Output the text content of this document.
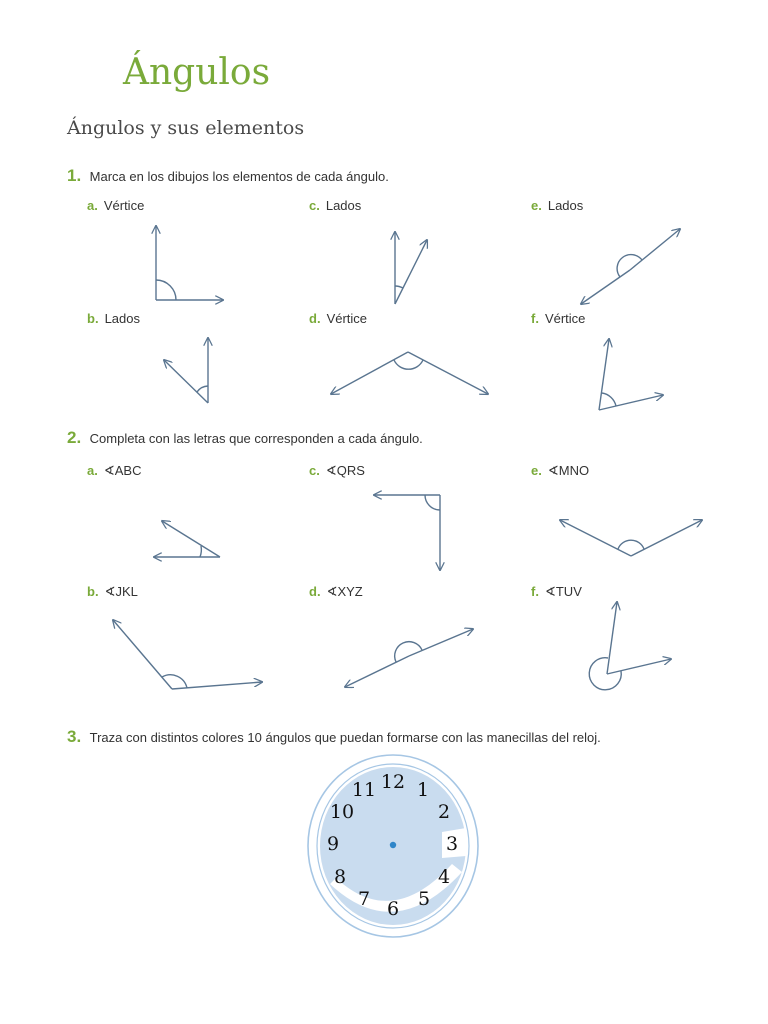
Ángulos
Ángulos y sus elementos
1. Marca en los dibujos los elementos de cada ángulo.
a. Vértice	c. Lados	e. Lados
b. Lados	d. Vértice	f. Vértice
2. Completa con las letras que corresponden a cada ángulo.
a. ∢ABC	c. ∢QRS	e. ∢MNO
b. ∢JKL	d. ∢XYZ	f. ∢TUV
3. Traza con distintos colores 10 ángulos que puedan formarse con las manecillas del reloj.
12 1
2
3
4
5
6
7
8
9
10
11
